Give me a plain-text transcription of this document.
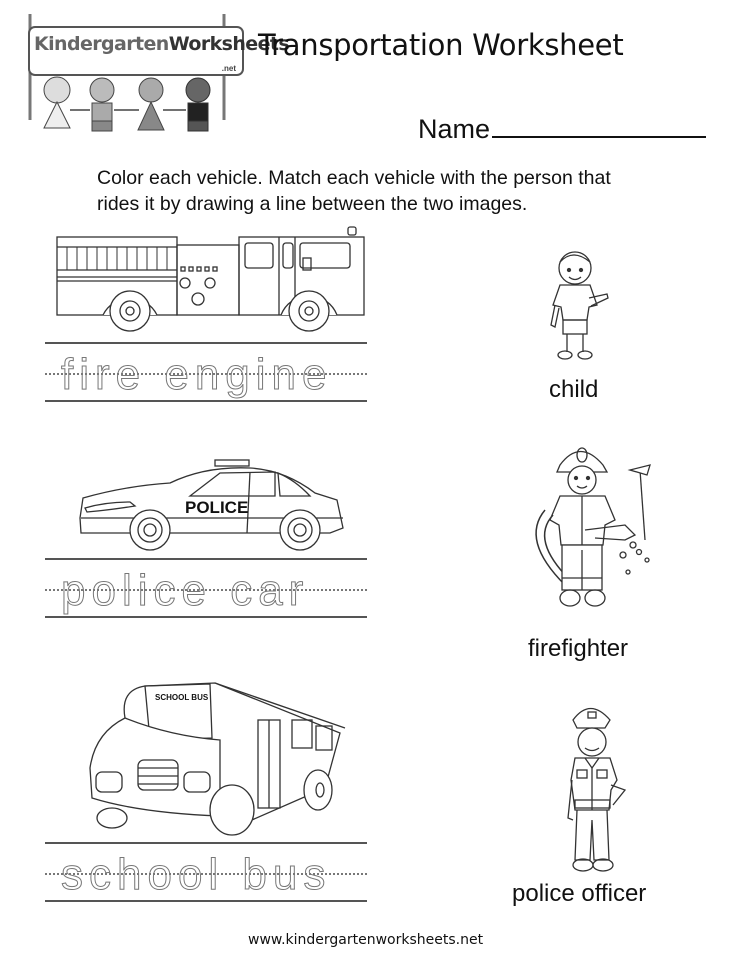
KindergartenWorksheets
.net
Transportation Worksheet
Name
Color each vehicle. Match each vehicle with the person that
rides it by drawing a line between the two images.
fire engine
POLICE
police car
SCHOOL BUS
school bus
child
firefighter
police officer
www.kindergartenworksheets.net
